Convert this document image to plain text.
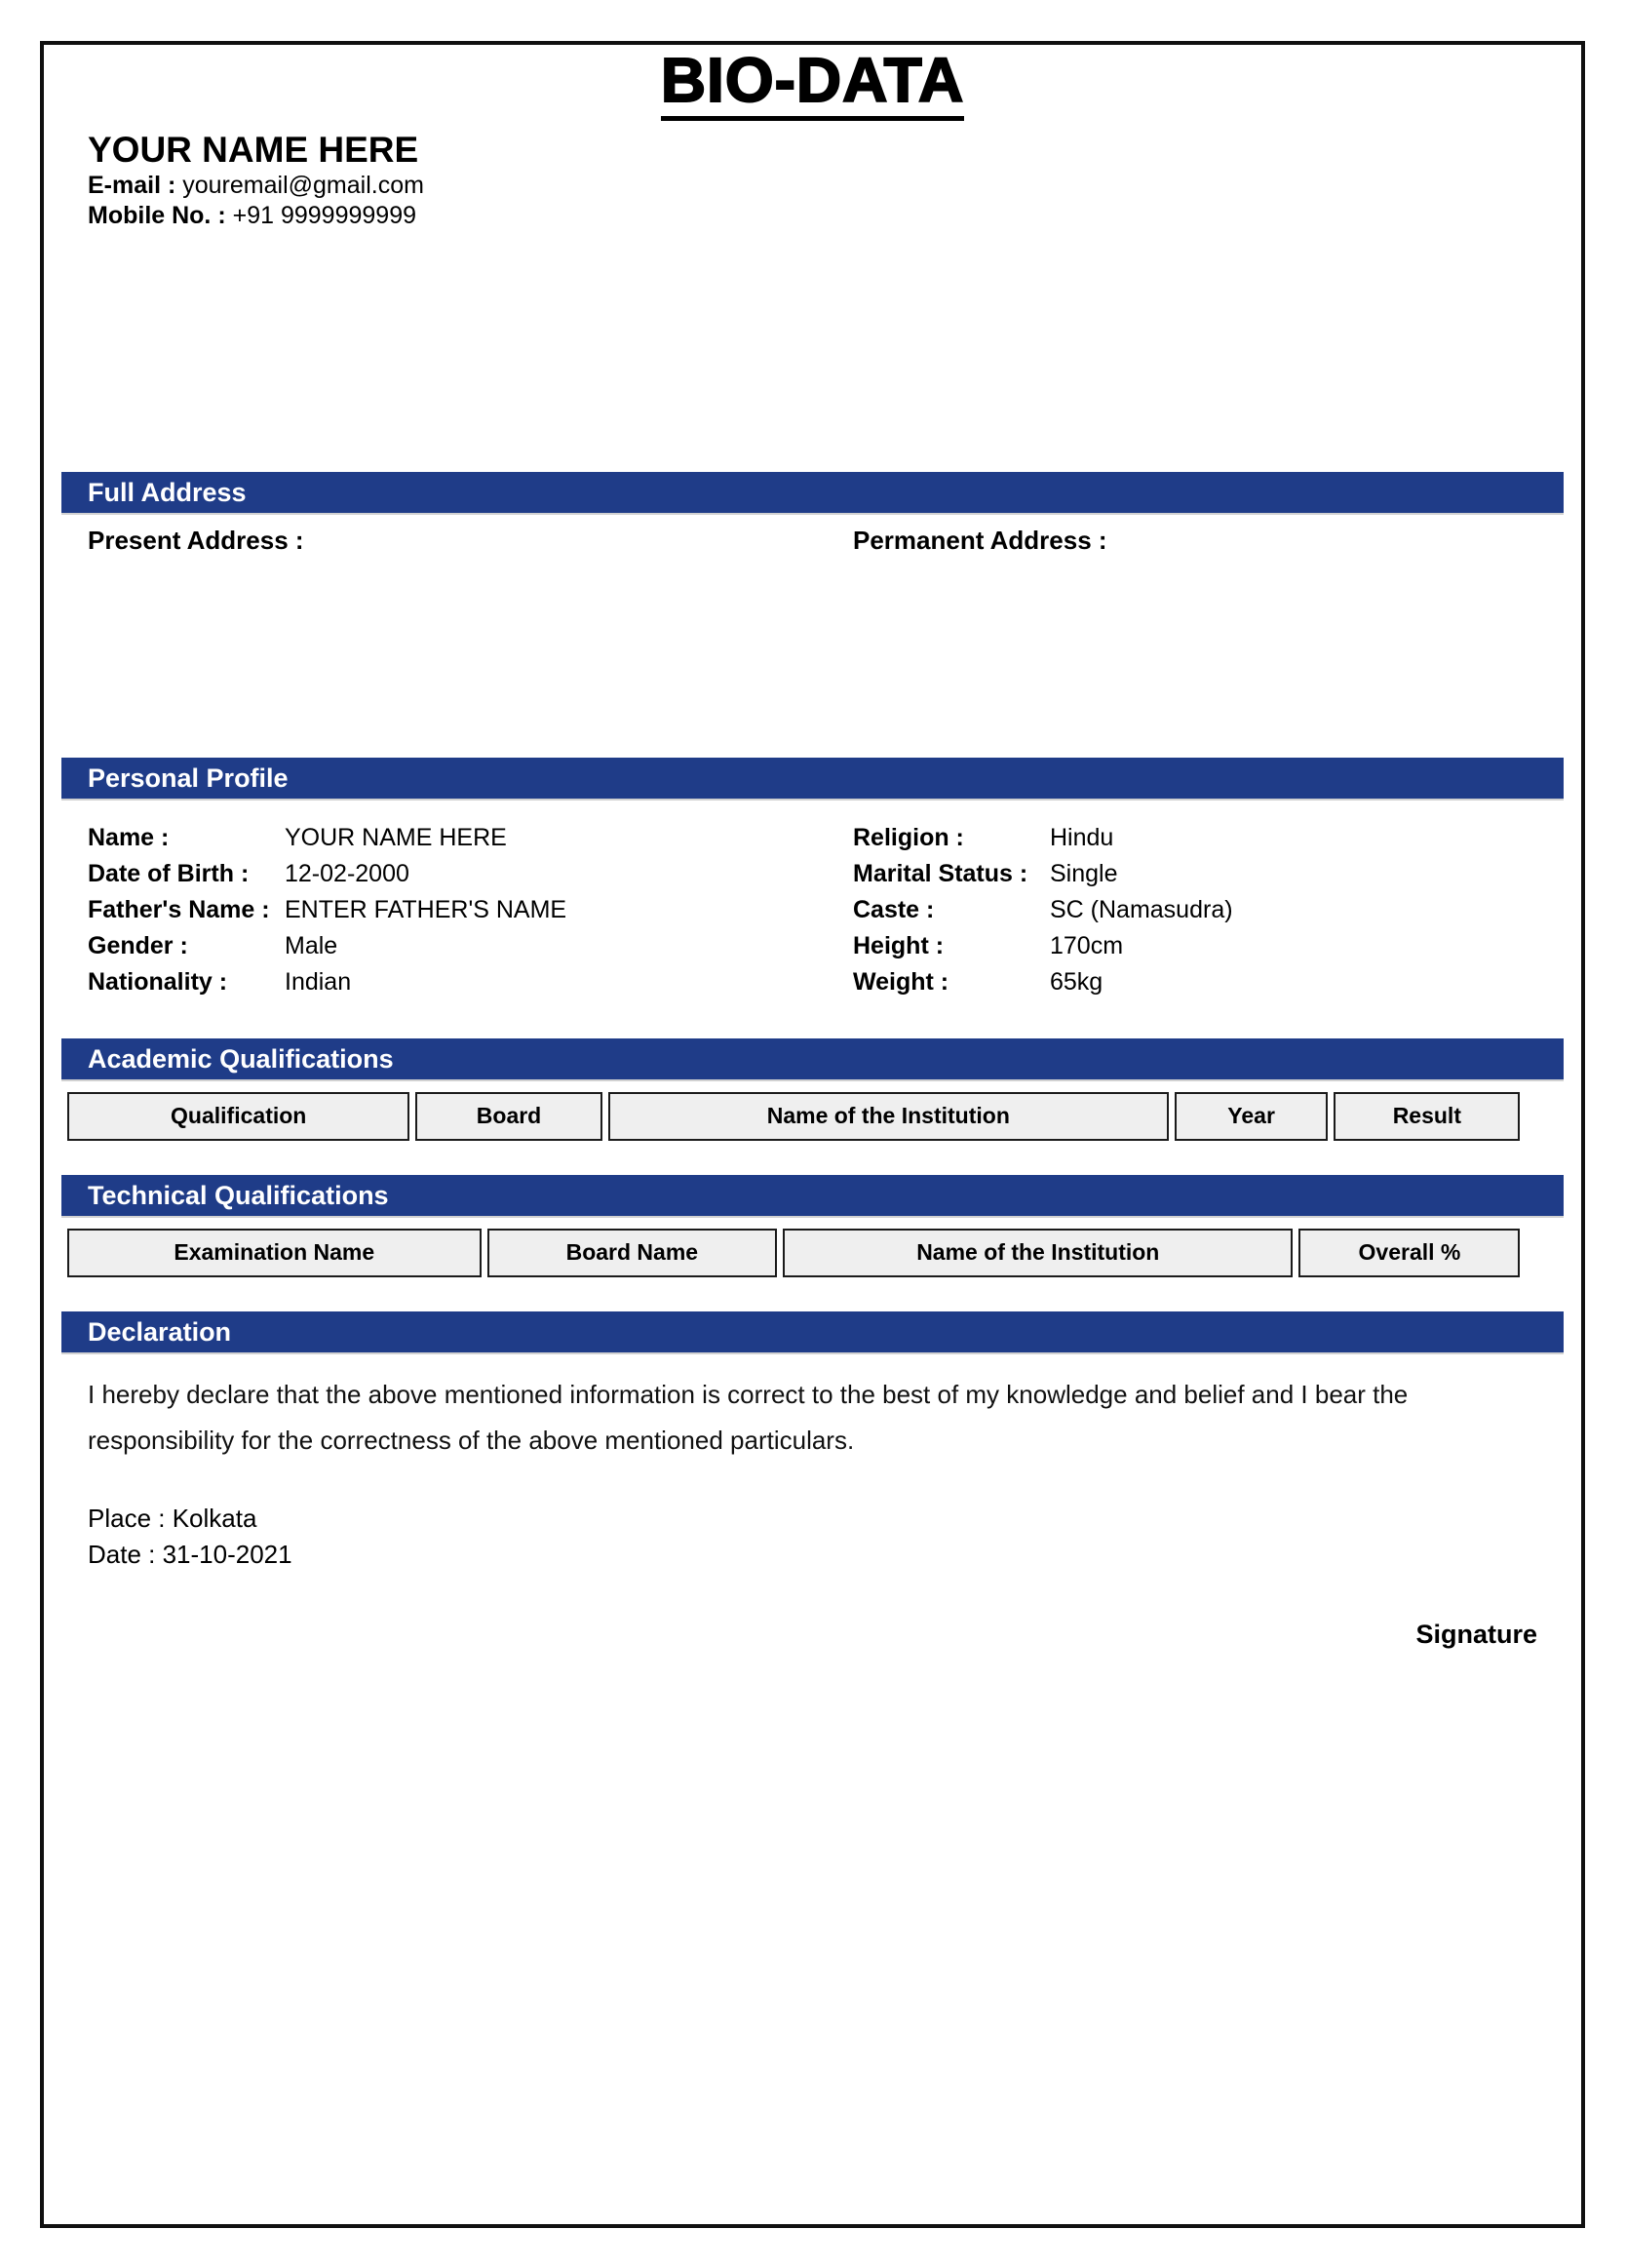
BIO-DATA
YOUR NAME HERE
E-mail : youremail@gmail.com
Mobile No. : +91 9999999999
Full Address
Present Address :	Permanent Address :
Personal Profile
Name :	YOUR NAME HERE
Date of Birth : 12-02-2000
Father's Name : ENTER FATHER'S NAME
Gender :	Male
Nationality : Indian
Religion :	Hindu
Marital Status : Single
Caste :	SC (Namasudra)
Height :	170cm
Weight :	65kg
Academic Qualifications
Qualification	Board	Name of the Institution	Year	Result
Technical Qualifications
Examination Name	Board Name	Name of the Institution	Overall %
Declaration
I hereby declare that the above mentioned information is correct to the best of my knowledge and belief and I bear the responsibility for the correctness of the above mentioned particulars.
Place : Kolkata
Date : 31-10-2021
Signature
